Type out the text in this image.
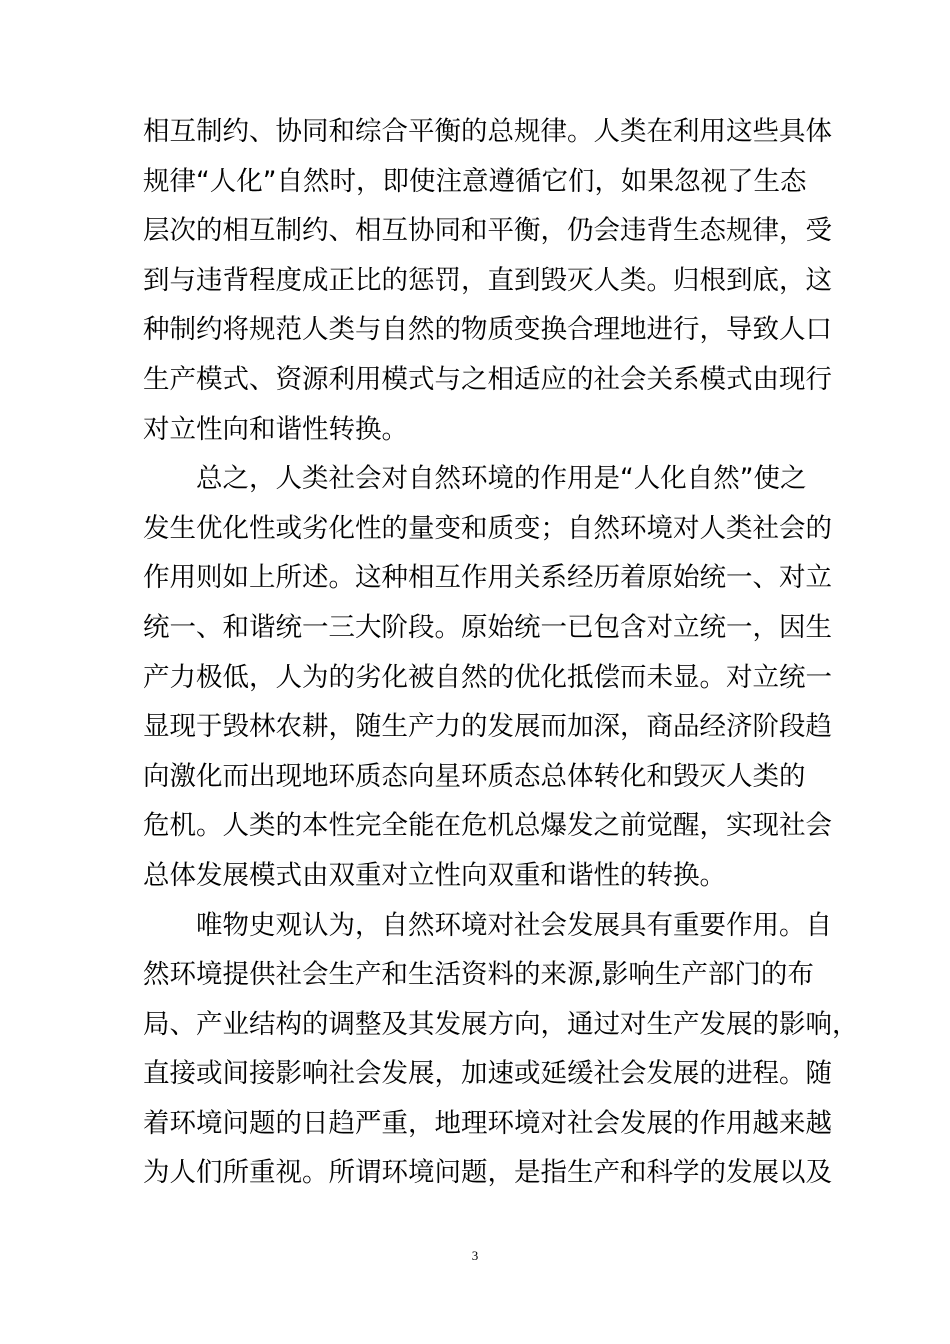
相互制约、协同和综合平衡的总规律。人类在利用这些具体
规律“人化”自然时，即使注意遵循它们，如果忽视了生态
层次的相互制约、相互协同和平衡，仍会违背生态规律，受
到与违背程度成正比的惩罚，直到毁灭人类。归根到底，这
种制约将规范人类与自然的物质变换合理地进行，导致人口
生产模式、资源利用模式与之相适应的社会关系模式由现行
对立性向和谐性转换。
总之，人类社会对自然环境的作用是“人化自然”使之
发生优化性或劣化性的量变和质变；自然环境对人类社会的
作用则如上所述。这种相互作用关系经历着原始统一、对立
统一、和谐统一三大阶段。原始统一已包含对立统一，因生
产力极低，人为的劣化被自然的优化抵偿而未显。对立统一
显现于毁林农耕，随生产力的发展而加深，商品经济阶段趋
向激化而出现地环质态向星环质态总体转化和毁灭人类的
危机。人类的本性完全能在危机总爆发之前觉醒，实现社会
总体发展模式由双重对立性向双重和谐性的转换。
唯物史观认为，自然环境对社会发展具有重要作用。自
然环境提供社会生产和生活资料的来源,影响生产部门的布
局、产业结构的调整及其发展方向，通过对生产发展的影响，
直接或间接影响社会发展，加速或延缓社会发展的进程。随
着环境问题的日趋严重，地理环境对社会发展的作用越来越
为人们所重视。所谓环境问题，是指生产和科学的发展以及
3
